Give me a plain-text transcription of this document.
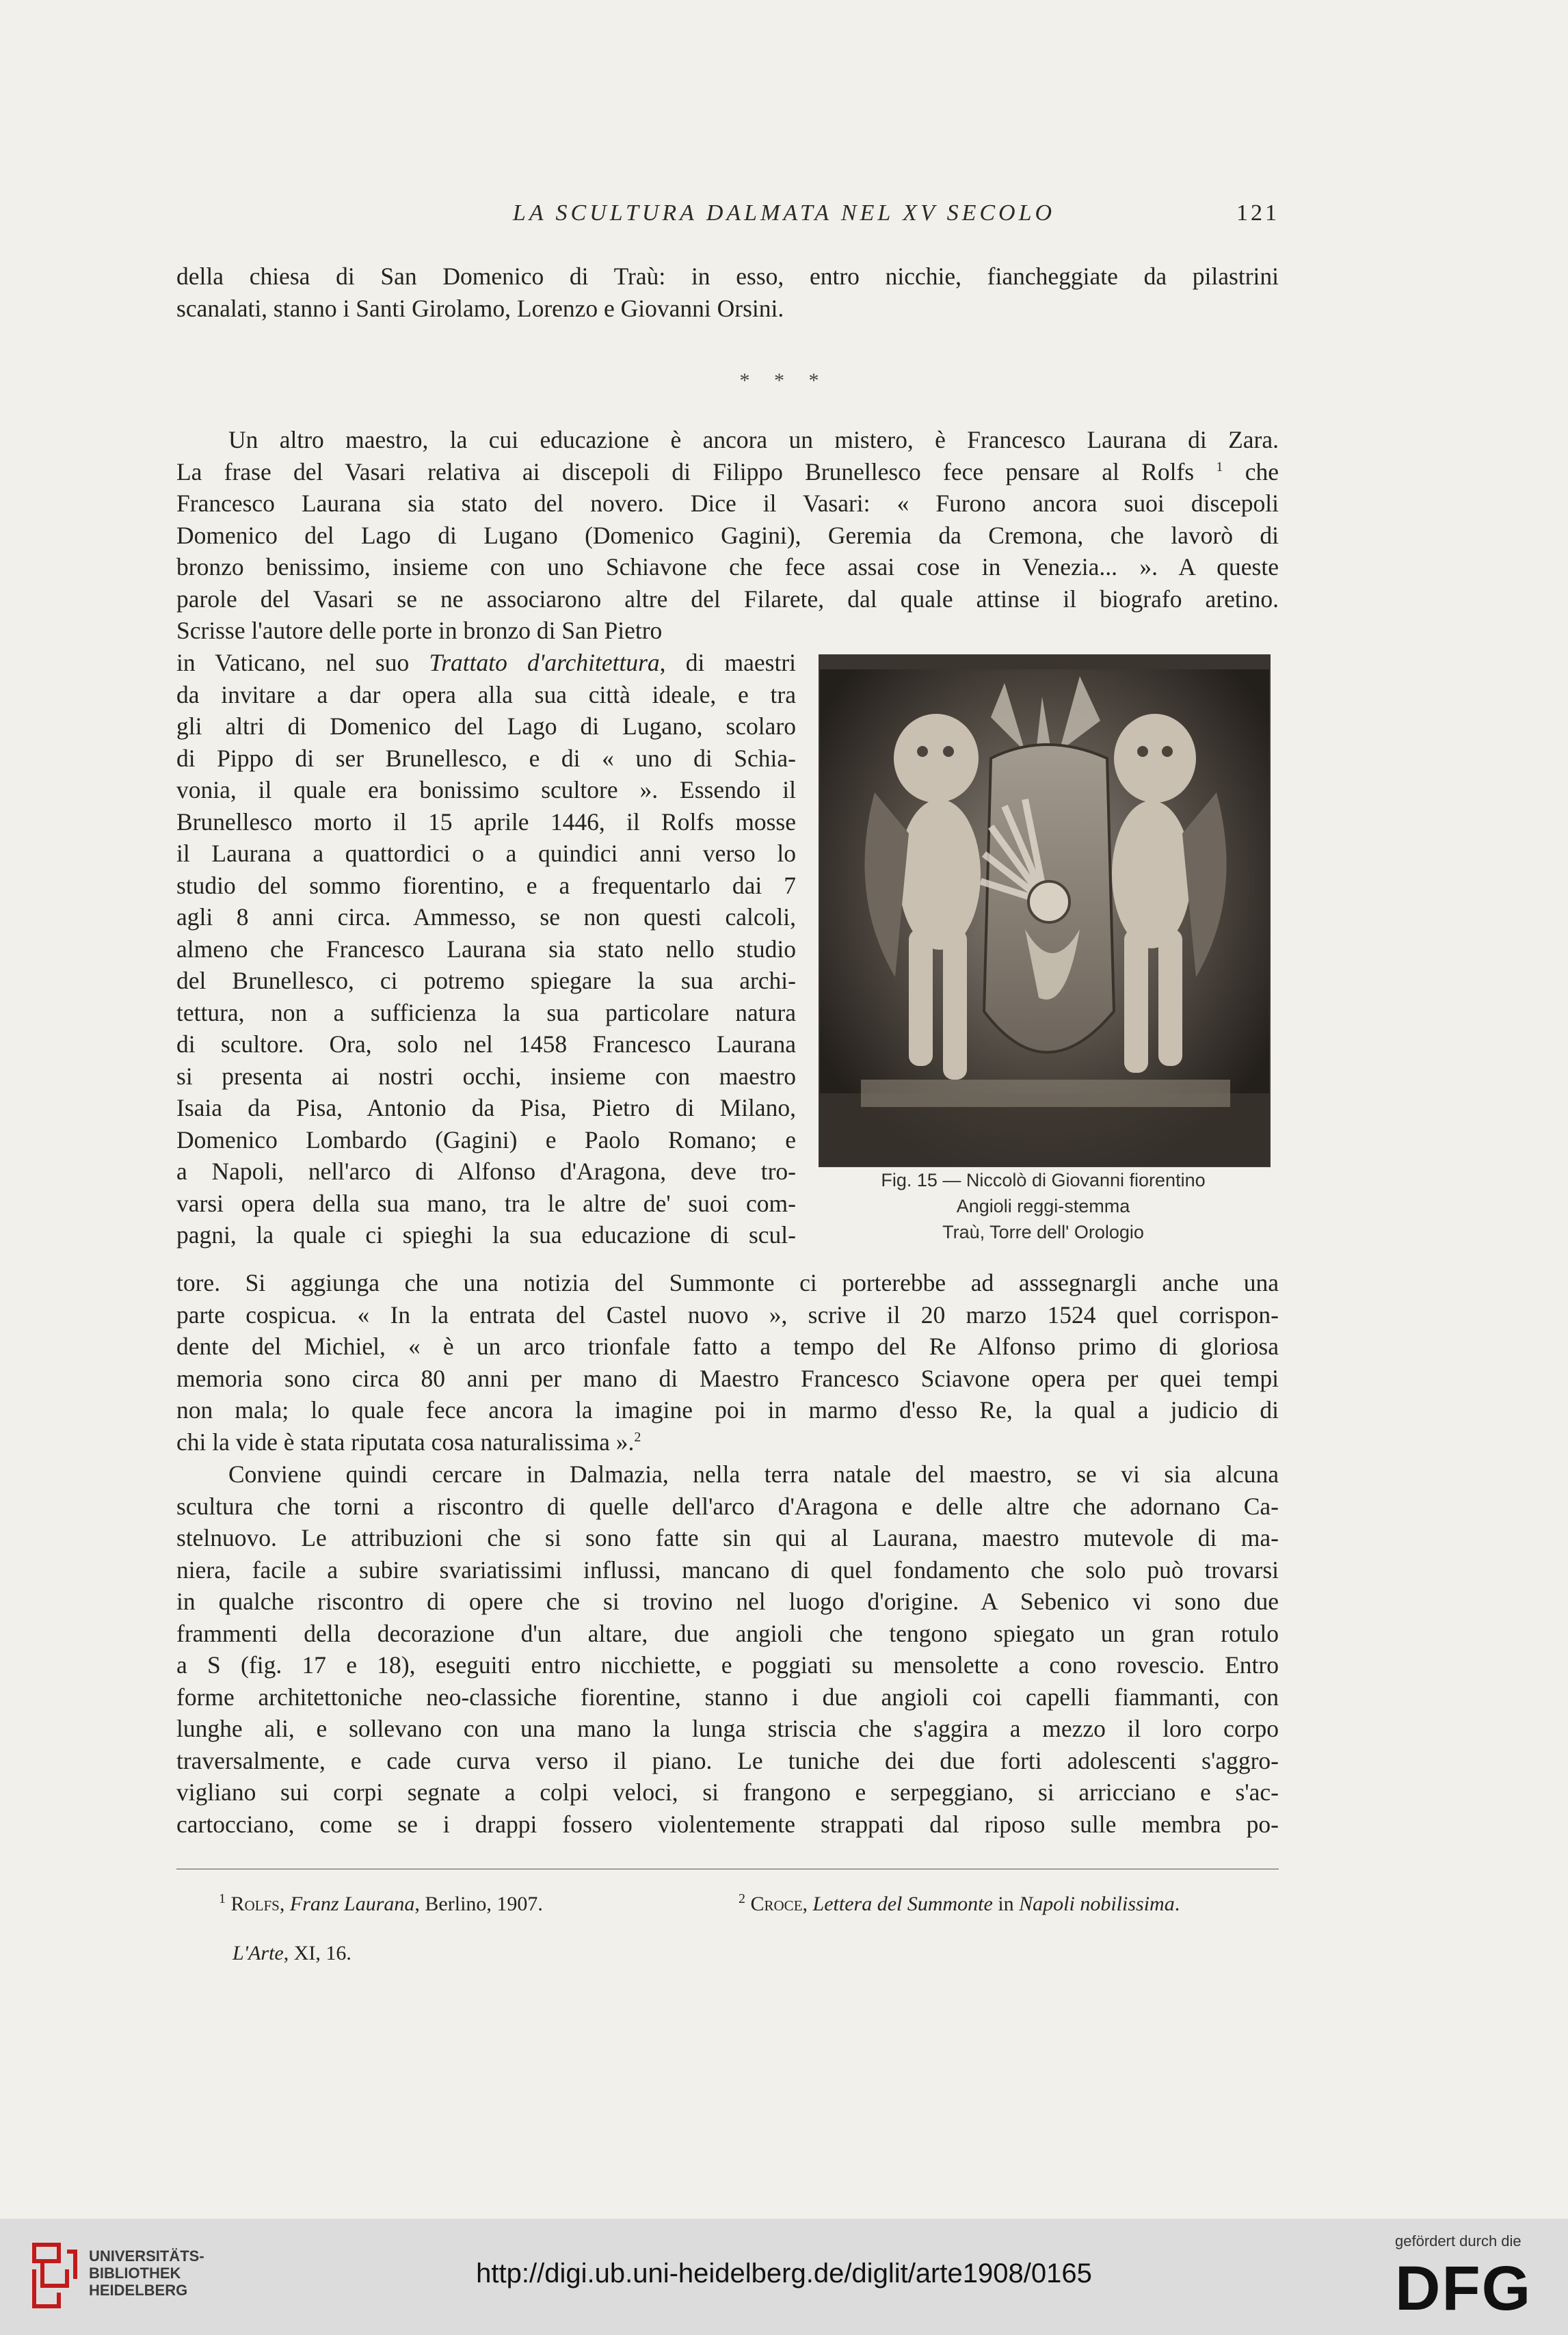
LA SCULTURA DALMATA NEL XV SECOLO	121
della chiesa di San Domenico di Traù: in esso, entro nicchie, fiancheggiate da pilastrini
scanalati, stanno i Santi Girolamo, Lorenzo e Giovanni Orsini.
* * *
Un altro maestro, la cui educazione è ancora un mistero, è Francesco Laurana di Zara.
La frase del Vasari relativa ai discepoli di Filippo Brunellesco fece pensare al Rolfs $^1$ che
Francesco Laurana sia stato del novero. Dice il Vasari: « Furono ancora suoi discepoli
Domenico del Lago di Lugano (Domenico Gagini), Geremia da Cremona, che lavorò di
bronzo benissimo, insieme con uno Schiavone che fece assai cose in Venezia... ». A queste
parole del Vasari se ne associarono altre del Filarete, dal quale attinse il biografo aretino.
Scrisse l'autore delle porte in bronzo di San Pietro
in Vaticano, nel suo Trattato d'architettura, di maestri
da invitare a dar opera alla sua città ideale, e tra
gli altri di Domenico del Lago di Lugano, scolaro
di Pippo di ser Brunellesco, e di « uno di Schia-
vonia, il quale era bonissimo scultore ». Essendo il
Brunellesco morto il 15 aprile 1446, il Rolfs mosse
il Laurana a quattordici o a quindici anni verso lo
studio del sommo fiorentino, e a frequentarlo dai 7
agli 8 anni circa. Ammesso, se non questi calcoli,
almeno che Francesco Laurana sia stato nello studio
del Brunellesco, ci potremo spiegare la sua archi-
tettura, non a sufficienza la sua particolare natura
di scultore. Ora, solo nel 1458 Francesco Laurana
si presenta ai nostri occhi, insieme con maestro
Isaia da Pisa, Antonio da Pisa, Pietro di Milano,
Domenico Lombardo (Gagini) e Paolo Romano; e
a Napoli, nell'arco di Alfonso d'Aragona, deve tro-
varsi opera della sua mano, tra le altre de' suoi com-
pagni, la quale ci spieghi la sua educazione di scul-
Fig. 15 — Niccolò di Giovanni fiorentino
Angioli reggi-stemma
Traù, Torre dell' Orologio
tore. Si aggiunga che una notizia del Summonte ci porterebbe ad asssegnargli anche una
parte cospicua. « In la entrata del Castel nuovo », scrive il 20 marzo 1524 quel corrispon-
dente del Michiel, « è un arco trionfale fatto a tempo del Re Alfonso primo di gloriosa
memoria sono circa 80 anni per mano di Maestro Francesco Sciavone opera per quei tempi
non mala; lo quale fece ancora la imagine poi in marmo d'esso Re, la qual a judicio di
chi la vide è stata riputata cosa naturalissima ».$^2$
Conviene quindi cercare in Dalmazia, nella terra natale del maestro, se vi sia alcuna
scultura che torni a riscontro di quelle dell'arco d'Aragona e delle altre che adornano Ca-
stelnuovo. Le attribuzioni che si sono fatte sin qui al Laurana, maestro mutevole di ma-
niera, facile a subire svariatissimi influssi, mancano di quel fondamento che solo può trovarsi
in qualche riscontro di opere che si trovino nel luogo d'origine. A Sebenico vi sono due
frammenti della decorazione d'un altare, due angioli che tengono spiegato un gran rotulo
a S (fig. 17 e 18), eseguiti entro nicchiette, e poggiati su mensolette a cono rovescio. Entro
forme architettoniche neo-classiche fiorentine, stanno i due angioli coi capelli fiammanti, con
lunghe ali, e sollevano con una mano la lunga striscia che s'aggira a mezzo il loro corpo
traversalmente, e cade curva verso il piano. Le tuniche dei due forti adolescenti s'aggro-
vigliano sui corpi segnate a colpi veloci, si frangono e serpeggiano, si arricciano e s'ac-
cartocciano, come se i drappi fossero violentemente strappati dal riposo sulle membra po-
$^1$ Rolfs, Franz Laurana, Berlino, 1907.	$^2$ Croce, Lettera del Summonte in Napoli nobilissima.
L'Arte, XI, 16.
UNIVERSITÄTS-
BIBLIOTHEK
HEIDELBERG
http://digi.ub.uni-heidelberg.de/diglit/arte1908/0165
gefördert durch die
DFG
